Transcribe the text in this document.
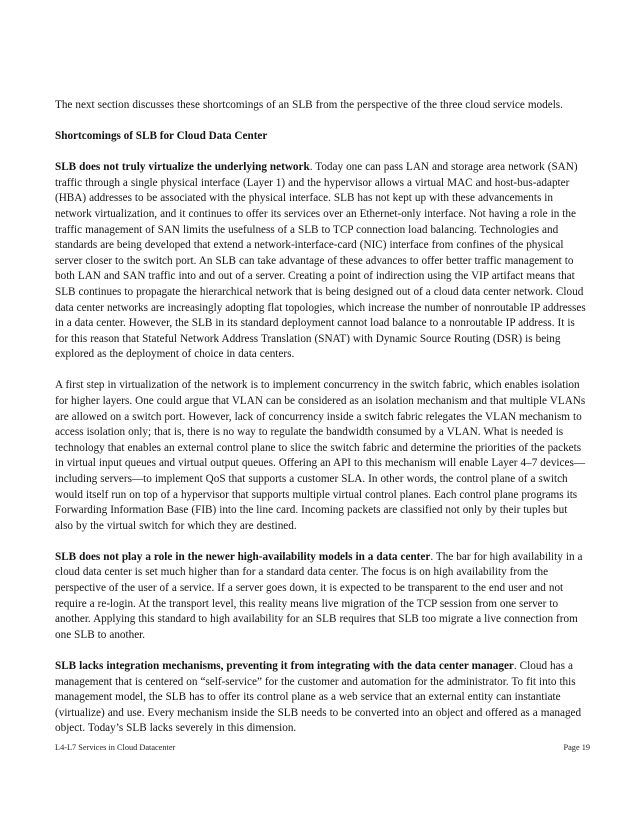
The next section discusses these shortcomings of an SLB from the perspective of the three cloud service models.

Shortcomings of SLB for Cloud Data Center

SLB does not truly virtualize the underlying network. Today one can pass LAN and storage area network (SAN) traffic through a single physical interface (Layer 1) and the hypervisor allows a virtual MAC and host-bus-adapter (HBA) addresses to be associated with the physical interface. SLB has not kept up with these advancements in network virtualization, and it continues to offer its services over an Ethernet-only interface. Not having a role in the traffic management of SAN limits the usefulness of a SLB to TCP connection load balancing. Technologies and standards are being developed that extend a network-interface-card (NIC) interface from confines of the physical server closer to the switch port. An SLB can take advantage of these advances to offer better traffic management to both LAN and SAN traffic into and out of a server. Creating a point of indirection using the VIP artifact means that SLB continues to propagate the hierarchical network that is being designed out of a cloud data center network. Cloud data center networks are increasingly adopting flat topologies, which increase the number of nonroutable IP addresses in a data center. However, the SLB in its standard deployment cannot load balance to a nonroutable IP address. It is for this reason that Stateful Network Address Translation (SNAT) with Dynamic Source Routing (DSR) is being explored as the deployment of choice in data centers.

A first step in virtualization of the network is to implement concurrency in the switch fabric, which enables isolation for higher layers. One could argue that VLAN can be considered as an isolation mechanism and that multiple VLANs are allowed on a switch port. However, lack of concurrency inside a switch fabric relegates the VLAN mechanism to access isolation only; that is, there is no way to regulate the bandwidth consumed by a VLAN. What is needed is technology that enables an external control plane to slice the switch fabric and determine the priorities of the packets in virtual input queues and virtual output queues. Offering an API to this mechanism will enable Layer 4–7 devices—including servers—to implement QoS that supports a customer SLA. In other words, the control plane of a switch would itself run on top of a hypervisor that supports multiple virtual control planes. Each control plane programs its Forwarding Information Base (FIB) into the line card. Incoming packets are classified not only by their tuples but also by the virtual switch for which they are destined.

SLB does not play a role in the newer high-availability models in a data center. The bar for high availability in a cloud data center is set much higher than for a standard data center. The focus is on high availability from the perspective of the user of a service. If a server goes down, it is expected to be transparent to the end user and not require a re-login. At the transport level, this reality means live migration of the TCP session from one server to another. Applying this standard to high availability for an SLB requires that SLB too migrate a live connection from one SLB to another.

SLB lacks integration mechanisms, preventing it from integrating with the data center manager. Cloud has a management that is centered on “self-service” for the customer and automation for the administrator. To fit into this management model, the SLB has to offer its control plane as a web service that an external entity can instantiate (virtualize) and use. Every mechanism inside the SLB needs to be converted into an object and offered as a managed object. Today’s SLB lacks severely in this dimension.

L4-L7 Services in Cloud Datacenter	Page 19
